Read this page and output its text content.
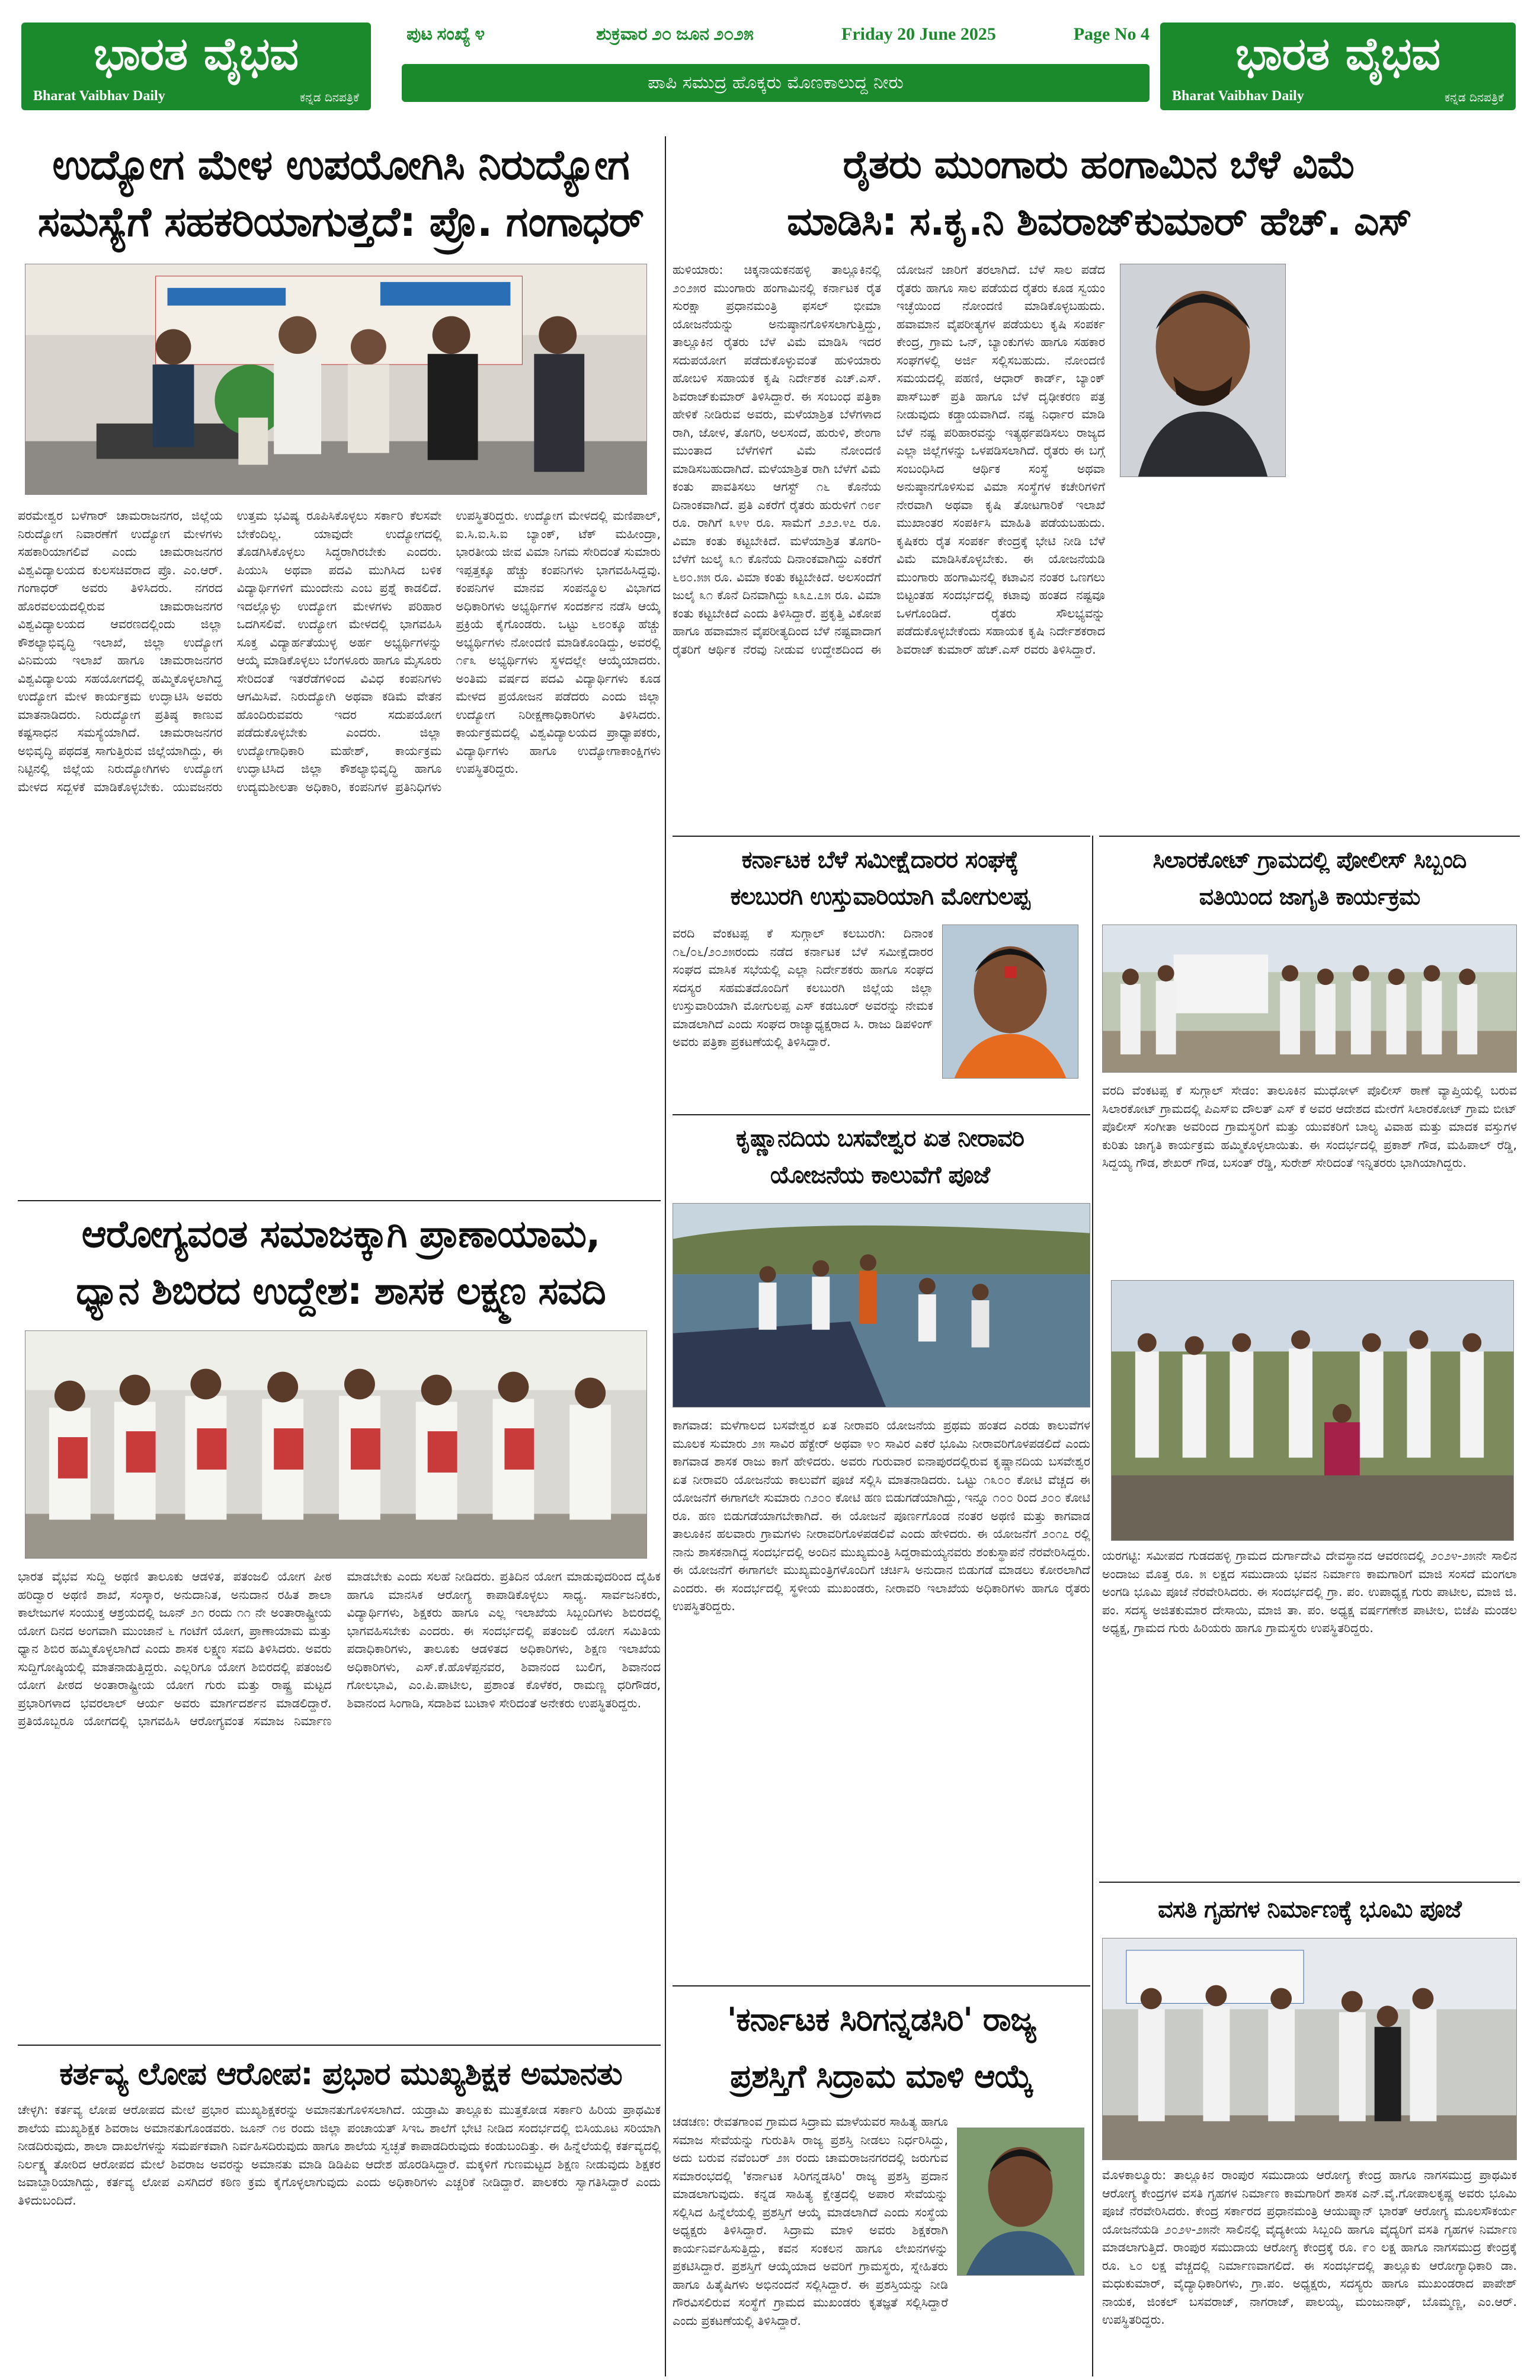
ಭಾರತ ವೈಭವ
Bharat Vaibhav Daily	ಕನ್ನಡ ದಿನಪತ್ರಿಕೆ
ಭಾರತ ವೈಭವ
Bharat Vaibhav Daily	ಕನ್ನಡ ದಿನಪತ್ರಿಕೆ
ಪುಟ ಸಂಖ್ಯೆ ೪	ಶುಕ್ರವಾರ ೨೦ ಜೂನ ೨೦೨೫	Friday 20 June 2025	Page No 4
ಪಾಪಿ ಸಮುದ್ರ ಹೊಕ್ಕರು ಮೊಣಕಾಲುದ್ದ ನೀರು
ಉದ್ಯೋಗ ಮೇಳ ಉಪಯೋಗಿಸಿ ನಿರುದ್ಯೋಗ
ಸಮಸ್ಯೆಗೆ ಸಹಕರಿಯಾಗುತ್ತದೆ: ಪ್ರೊ. ಗಂಗಾಧರ್
ಪರಮೇಶ್ವರ ಬಳೆಗಾರ್ ಚಾಮರಾಜನಗರ, ಜಿಲ್ಲೆಯ ನಿರುದ್ಯೋಗ ನಿವಾರಣೆಗೆ ಉದ್ಯೋಗ ಮೇಳಗಳು ಸಹಕಾರಿಯಾಗಲಿವೆ ಎಂದು ಚಾಮರಾಜನಗರ ವಿಶ್ವವಿದ್ಯಾಲಯದ ಕುಲಸಚಿವರಾದ ಪ್ರೊ. ಎಂ.ಆರ್. ಗಂಗಾಧರ್ ಅವರು ತಿಳಿಸಿದರು. ನಗರದ ಹೊರವಲಯದಲ್ಲಿರುವ ಚಾಮರಾಜನಗರ ವಿಶ್ವವಿದ್ಯಾಲಯದ ಆವರಣದಲ್ಲಿಂದು ಜಿಲ್ಲಾ ಕೌಶಲ್ಯಾಭಿವೃದ್ಧಿ ಇಲಾಖೆ, ಜಿಲ್ಲಾ ಉದ್ಯೋಗ ವಿನಿಮಯ ಇಲಾಖೆ ಹಾಗೂ ಚಾಮರಾಜನಗರ ವಿಶ್ವವಿದ್ಯಾಲಯ ಸಹಯೋಗದಲ್ಲಿ ಹಮ್ಮಿಕೊಳ್ಳಲಾಗಿದ್ದ ಉದ್ಯೋಗ ಮೇಳ ಕಾರ್ಯಕ್ರಮ ಉದ್ಘಾಟಿಸಿ ಅವರು ಮಾತನಾಡಿದರು. ನಿರುದ್ಯೋಗ ಪ್ರತಿಷ್ಠ ಕಾಣುವ ಕಷ್ಟಸಾಧನ ಸಮಸ್ಯೆಯಾಗಿದೆ. ಚಾಮರಾಜನಗರ ಅಭಿವೃದ್ಧಿ ಪಥದತ್ತ ಸಾಗುತ್ತಿರುವ ಜಿಲ್ಲೆಯಾಗಿದ್ದು, ಈ ನಿಟ್ಟಿನಲ್ಲಿ ಜಿಲ್ಲೆಯ ನಿರುದ್ಯೋಗಿಗಳು ಉದ್ಯೋಗ ಮೇಳದ ಸದ್ಬಳಕೆ ಮಾಡಿಕೊಳ್ಳಬೇಕು. ಯುವಜನರು ಉತ್ತಮ ಭವಿಷ್ಯ ರೂಪಿಸಿಕೊಳ್ಳಲು ಸರ್ಕಾರಿ ಕೆಲಸವೇ ಬೇಕೆಂದಿಲ್ಲ. ಯಾವುದೇ ಉದ್ಯೋಗದಲ್ಲಿ ತೊಡಗಿಸಿಕೊಳ್ಳಲು ಸಿದ್ಧರಾಗಿರಬೇಕು ಎಂದರು. ಪಿಯುಸಿ ಅಥವಾ ಪದವಿ ಮುಗಿಸಿದ ಬಳಿಕ ವಿದ್ಯಾರ್ಥಿಗಳಿಗೆ ಮುಂದೇನು ಎಂಬ ಪ್ರಶ್ನೆ ಕಾಡಲಿದೆ. ಇದಲ್ಲೊಳ್ಳು ಉದ್ಯೋಗ ಮೇಳಗಳು ಪರಿಹಾರ ಒದಗಿಸಲಿವೆ. ಉದ್ಯೋಗ ಮೇಳದಲ್ಲಿ ಭಾಗವಹಿಸಿ ಸೂಕ್ತ ವಿದ್ಯಾರ್ಹತೆಯುಳ್ಳ ಅರ್ಹ ಅಭ್ಯರ್ಥಿಗಳನ್ನು ಆಯ್ಕೆ ಮಾಡಿಕೊಳ್ಳಲು ಬೆಂಗಳೂರು ಹಾಗೂ ಮೈಸೂರು ಸೇರಿದಂತೆ ಇತರೆಡೆಗಳಿಂದ ವಿವಿಧ ಕಂಪನಿಗಳು ಆಗಮಿಸಿವೆ. ನಿರುದ್ಯೋಗಿ ಅಥವಾ ಕಡಿಮೆ ವೇತನ ಹೊಂದಿರುವವರು ಇದರ ಸದುಪಯೋಗ ಪಡೆದುಕೊಳ್ಳಬೇಕು ಎಂದರು. ಜಿಲ್ಲಾ ಉದ್ಯೋಗಾಧಿಕಾರಿ ಮಹೇಶ್, ಕಾರ್ಯಕ್ರಮ ಉದ್ಘಾಟಿಸಿದ ಜಿಲ್ಲಾ ಕೌಶಲ್ಯಾಭಿವೃದ್ಧಿ ಹಾಗೂ ಉದ್ಯಮಶೀಲತಾ ಅಧಿಕಾರಿ, ಕಂಪನಿಗಳ ಪ್ರತಿನಿಧಿಗಳು ಉಪಸ್ಥಿತರಿದ್ದರು. ಉದ್ಯೋಗ ಮೇಳದಲ್ಲಿ ಮಣಿಪಾಲ್, ಐ.ಸಿ.ಐ.ಸಿ.ಐ ಬ್ಯಾಂಕ್, ಟೆಕ್ ಮಹೀಂದ್ರಾ, ಭಾರತೀಯ ಜೀವ ವಿಮಾ ನಿಗಮ ಸೇರಿದಂತೆ ಸುಮಾರು ಇಪ್ಪತ್ತಕ್ಕೂ ಹೆಚ್ಚು ಕಂಪನಿಗಳು ಭಾಗವಹಿಸಿದ್ದವು. ಕಂಪನಿಗಳ ಮಾನವ ಸಂಪನ್ಮೂಲ ವಿಭಾಗದ ಅಧಿಕಾರಿಗಳು ಅಭ್ಯರ್ಥಿಗಳ ಸಂದರ್ಶನ ನಡೆಸಿ ಆಯ್ಕೆ ಪ್ರಕ್ರಿಯೆ ಕೈಗೊಂಡರು. ಒಟ್ಟು ೬೮೦ಕ್ಕೂ ಹೆಚ್ಚು ಅಭ್ಯರ್ಥಿಗಳು ನೋಂದಣಿ ಮಾಡಿಕೊಂಡಿದ್ದು, ಅವರಲ್ಲಿ ೧೯೩ ಅಭ್ಯರ್ಥಿಗಳು ಸ್ಥಳದಲ್ಲೇ ಆಯ್ಕೆಯಾದರು. ಅಂತಿಮ ವರ್ಷದ ಪದವಿ ವಿದ್ಯಾರ್ಥಿಗಳು ಕೂಡ ಮೇಳದ ಪ್ರಯೋಜನ ಪಡೆದರು ಎಂದು ಜಿಲ್ಲಾ ಉದ್ಯೋಗ ನಿರೀಕ್ಷಣಾಧಿಕಾರಿಗಳು ತಿಳಿಸಿದರು. ಕಾರ್ಯಕ್ರಮದಲ್ಲಿ ವಿಶ್ವವಿದ್ಯಾಲಯದ ಪ್ರಾಧ್ಯಾಪಕರು, ವಿದ್ಯಾರ್ಥಿಗಳು ಹಾಗೂ ಉದ್ಯೋಗಾಕಾಂಕ್ಷಿಗಳು ಉಪಸ್ಥಿತರಿದ್ದರು.
ರೈತರು ಮುಂಗಾರು ಹಂಗಾಮಿನ ಬೆಳೆ ವಿಮೆ
ಮಾಡಿಸಿ: ಸ.ಕೃ.ನಿ ಶಿವರಾಜ್‌ಕುಮಾರ್ ಹೆಚ್. ಎಸ್
ಹುಳಿಯಾರು: ಚಿಕ್ಕನಾಯಕನಹಳ್ಳಿ ತಾಲ್ಲೂಕಿನಲ್ಲಿ ೨೦೨೫ರ ಮುಂಗಾರು ಹಂಗಾಮಿನಲ್ಲಿ ಕರ್ನಾಟಕ ರೈತ ಸುರಕ್ಷಾ ಪ್ರಧಾನಮಂತ್ರಿ ಫಸಲ್ ಭೀಮಾ ಯೋಜನೆಯನ್ನು ಅನುಷ್ಠಾನಗೊಳಿಸಲಾಗುತ್ತಿದ್ದು, ತಾಲ್ಲೂಕಿನ ರೈತರು ಬೆಳೆ ವಿಮೆ ಮಾಡಿಸಿ ಇದರ ಸದುಪಯೋಗ ಪಡೆದುಕೊಳ್ಳುವಂತೆ ಹುಳಿಯಾರು ಹೋಬಳಿ ಸಹಾಯಕ ಕೃಷಿ ನಿರ್ದೇಶಕ ಎಚ್.ಎಸ್. ಶಿವರಾಜ್‌ಕುಮಾರ್ ತಿಳಿಸಿದ್ದಾರೆ. ಈ ಸಂಬಂಧ ಪತ್ರಿಕಾ ಹೇಳಿಕೆ ನೀಡಿರುವ ಅವರು, ಮಳೆಯಾಶ್ರಿತ ಬೆಳೆಗಳಾದ ರಾಗಿ, ಜೋಳ, ತೊಗರಿ, ಅಲಸಂದೆ, ಹುರುಳಿ, ಶೇಂಗಾ ಮುಂತಾದ ಬೆಳೆಗಳಿಗೆ ವಿಮೆ ನೋಂದಣಿ ಮಾಡಿಸಬಹುದಾಗಿದೆ. ಮಳೆಯಾಶ್ರಿತ ರಾಗಿ ಬೆಳೆಗೆ ವಿಮೆ ಕಂತು ಪಾವತಿಸಲು ಆಗಸ್ಟ್ ೧೬ ಕೊನೆಯ ದಿನಾಂಕವಾಗಿದೆ. ಪ್ರತಿ ಎಕರೆಗೆ ರೈತರು ಹುರುಳಿಗೆ ೧೮೯ ರೂ. ರಾಗಿಗೆ ೩೪೪ ರೂ. ಸಾಮೆಗೆ ೨೨೨.೪೭ ರೂ. ವಿಮಾ ಕಂತು ಕಟ್ಟಬೇಕಿದೆ. ಮಳೆಯಾಶ್ರಿತ ತೊಗರಿ-ಬೆಳೆಗೆ ಜುಲೈ ೩೧ ಕೊನೆಯ ದಿನಾಂಕವಾಗಿದ್ದು ಎಕರೆಗೆ ೬೮೦.೫೫ ರೂ. ವಿಮಾ ಕಂತು ಕಟ್ಟಬೇಕಿದೆ. ಅಲಸಂದೆಗೆ ಜುಲೈ ೩೧ ಕೊನೆ ದಿನವಾಗಿದ್ದು ೩೩೭.೭೫ ರೂ. ವಿಮಾ ಕಂತು ಕಟ್ಟಬೇಕಿದೆ ಎಂದು ತಿಳಿಸಿದ್ದಾರೆ. ಪ್ರಕೃತ್ತಿ ವಿಕೋಪ ಹಾಗೂ ಹವಾಮಾನ ವೈಪರೀತ್ಯದಿಂದ ಬೆಳೆ ನಷ್ಟವಾದಾಗ ರೈತರಿಗೆ ಆರ್ಥಿಕ ನೆರವು ನೀಡುವ ಉದ್ದೇಶದಿಂದ ಈ ಯೋಜನೆ ಜಾರಿಗೆ ತರಲಾಗಿದೆ. ಬೆಳೆ ಸಾಲ ಪಡೆದ ರೈತರು ಹಾಗೂ ಸಾಲ ಪಡೆಯದ ರೈತರು ಕೂಡ ಸ್ವಯಂ ಇಚ್ಛೆಯಿಂದ ನೋಂದಣಿ ಮಾಡಿಕೊಳ್ಳಬಹುದು. ಹವಾಮಾನ ವೈಪರೀತ್ಯಗಳ ಪಡೆಯಲು ಕೃಷಿ ಸಂಪರ್ಕ ಕೇಂದ್ರ, ಗ್ರಾಮ ಒನ್, ಬ್ಯಾಂಕುಗಳು ಹಾಗೂ ಸಹಕಾರ ಸಂಘಗಳಲ್ಲಿ ಅರ್ಜಿ ಸಲ್ಲಿಸಬಹುದು. ನೋಂದಣಿ ಸಮಯದಲ್ಲಿ ಪಹಣಿ, ಆಧಾರ್ ಕಾರ್ಡ್, ಬ್ಯಾಂಕ್ ಪಾಸ್‌ಬುಕ್ ಪ್ರತಿ ಹಾಗೂ ಬೆಳೆ ದೃಢೀಕರಣ ಪತ್ರ ನೀಡುವುದು ಕಡ್ಡಾಯವಾಗಿದೆ. ನಷ್ಟ ನಿರ್ಧಾರ ಮಾಡಿ ಬೆಳೆ ನಷ್ಟ ಪರಿಹಾರವನ್ನು ಇತ್ಯರ್ಥಪಡಿಸಲು ರಾಜ್ಯದ ಎಲ್ಲಾ ಜಿಲ್ಲೆಗಳನ್ನು ಒಳಪಡಿಸಲಾಗಿದೆ. ರೈತರು ಈ ಬಗ್ಗೆ ಸಂಬಂಧಿಸಿದ ಆರ್ಥಿಕ ಸಂಸ್ಥೆ ಅಥವಾ ಅನುಷ್ಠಾನಗೊಳಿಸುವ ವಿಮಾ ಸಂಸ್ಥೆಗಳ ಕಚೇರಿಗಳಿಗೆ ನೇರವಾಗಿ ಅಥವಾ ಕೃಷಿ ತೋಟಗಾರಿಕೆ ಇಲಾಖೆ ಮುಖಾಂತರ ಸಂಪರ್ಕಿಸಿ ಮಾಹಿತಿ ಪಡೆಯಬಹುದು. ಕೃಷಿಕರು ರೈತ ಸಂಪರ್ಕ ಕೇಂದ್ರಕ್ಕೆ ಭೇಟಿ ನೀಡಿ ಬೆಳೆ ವಿಮೆ ಮಾಡಿಸಿಕೊಳ್ಳಬೇಕು. ಈ ಯೋಜನೆಯಡಿ ಮುಂಗಾರು ಹಂಗಾಮಿನಲ್ಲಿ ಕಟಾವಿನ ನಂತರ ಒಣಗಲು ಬಿಟ್ಟಂತಹ ಸಂದರ್ಭದಲ್ಲಿ ಕಟಾವು ಹಂತದ ನಷ್ಟವೂ ಒಳಗೊಂಡಿದೆ. ರೈತರು ಸೌಲಭ್ಯವನ್ನು ಪಡೆದುಕೊಳ್ಳಬೇಕೆಂದು ಸಹಾಯಕ ಕೃಷಿ ನಿರ್ದೇಶಕರಾದ ಶಿವರಾಜ್ ಕುಮಾರ್ ಹೆಚ್.ಎಸ್ ರವರು ತಿಳಿಸಿದ್ದಾರೆ.
ಕರ್ನಾಟಕ ಬೆಳೆ ಸಮೀಕ್ಷೆದಾರರ ಸಂಘಕ್ಕೆ
ಕಲಬುರಗಿ ಉಸ್ತುವಾರಿಯಾಗಿ ಮೋಗುಲಪ್ಪ
ವರದಿ ವೆಂಕಟಪ್ಪ ಕೆ ಸುಗ್ಗಾಲ್ ಕಲಬುರಗಿ: ದಿನಾಂಕ ೧೬/೦೬/೨೦೨೫ರಂದು ನಡೆದ ಕರ್ನಾಟಕ ಬೆಳೆ ಸಮೀಕ್ಷೆದಾರರ ಸಂಘದ ಮಾಸಿಕ ಸಭೆಯಲ್ಲಿ ಎಲ್ಲಾ ನಿರ್ದೇಶಕರು ಹಾಗೂ ಸಂಘದ ಸದಸ್ಯರ ಸಹಮತದೊಂದಿಗೆ ಕಲಬುರಗಿ ಜಿಲ್ಲೆಯ ಜಿಲ್ಲಾ ಉಸ್ತುವಾರಿಯಾಗಿ ಮೋಗುಲಪ್ಪ ಎಸ್ ಕಡಬೂರ್ ಅವರನ್ನು ನೇಮಕ ಮಾಡಲಾಗಿದೆ ಎಂದು ಸಂಘದ ರಾಜ್ಯಾಧ್ಯಕ್ಷರಾದ ಸಿ. ರಾಜು ಡಿಪಳಿಂಗ್ ಅವರು ಪತ್ರಿಕಾ ಪ್ರಕಟಣೆಯಲ್ಲಿ ತಿಳಿಸಿದ್ದಾರೆ.
ಕೃಷ್ಣಾನದಿಯ ಬಸವೇಶ್ವರ ಏತ ನೀರಾವರಿ
ಯೋಜನೆಯ ಕಾಲುವೆಗೆ ಪೂಜೆ
ಕಾಗವಾಡ: ಮಳೆಗಾಲದ ಬಸವೇಶ್ವರ ಏತ ನೀರಾವರಿ ಯೋಜನೆಯ ಪ್ರಥಮ ಹಂತದ ಎರಡು ಕಾಲುವೆಗಳ ಮೂಲಕ ಸುಮಾರು ೨೫ ಸಾವಿರ ಹೆಕ್ಟೇರ್ ಅಥವಾ ೪೦ ಸಾವಿರ ಎಕರೆ ಭೂಮಿ ನೀರಾವರಿಗೊಳಪಡಲಿದೆ ಎಂದು ಕಾಗವಾಡ ಶಾಸಕ ರಾಜು ಕಾಗೆ ಹೇಳಿದರು. ಅವರು ಗುರುವಾರ ಐನಾಪುರದಲ್ಲಿರುವ ಕೃಷ್ಣಾನದಿಯ ಬಸವೇಶ್ವರ ಏತ ನೀರಾವರಿ ಯೋಜನೆಯ ಕಾಲುವೆಗೆ ಪೂಜೆ ಸಲ್ಲಿಸಿ ಮಾತನಾಡಿದರು. ಒಟ್ಟು ೧೩೦೦ ಕೋಟಿ ವೆಚ್ಚದ ಈ ಯೋಜನೆಗೆ ಈಗಾಗಲೇ ಸುಮಾರು ೧೨೦೦ ಕೋಟಿ ಹಣ ಬಿಡುಗಡೆಯಾಗಿದ್ದು, ಇನ್ನೂ ೧೦೦ ರಿಂದ ೨೦೦ ಕೋಟಿ ರೂ. ಹಣ ಬಿಡುಗಡೆಯಾಗಬೇಕಾಗಿದೆ. ಈ ಯೋಜನೆ ಪೂರ್ಣಗೊಂಡ ನಂತರ ಅಥಣಿ ಮತ್ತು ಕಾಗವಾಡ ತಾಲೂಕಿನ ಹಲವಾರು ಗ್ರಾಮಗಳು ನೀರಾವರಿಗೊಳಪಡಲಿವೆ ಎಂದು ಹೇಳಿದರು. ಈ ಯೋಜನೆಗೆ ೨೦೧೭ ರಲ್ಲಿ ನಾನು ಶಾಸಕನಾಗಿದ್ದ ಸಂದರ್ಭದಲ್ಲಿ ಅಂದಿನ ಮುಖ್ಯಮಂತ್ರಿ ಸಿದ್ದರಾಮಯ್ಯನವರು ಶಂಕುಸ್ಥಾಪನೆ ನೆರವೇರಿಸಿದ್ದರು. ಈ ಯೋಜನೆಗೆ ಈಗಾಗಲೇ ಮುಖ್ಯಮಂತ್ರಿಗಳೊಂದಿಗೆ ಚರ್ಚಿಸಿ ಅನುದಾನ ಬಿಡುಗಡೆ ಮಾಡಲು ಕೋರಲಾಗಿದೆ ಎಂದರು. ಈ ಸಂದರ್ಭದಲ್ಲಿ ಸ್ಥಳೀಯ ಮುಖಂಡರು, ನೀರಾವರಿ ಇಲಾಖೆಯ ಅಧಿಕಾರಿಗಳು ಹಾಗೂ ರೈತರು ಉಪಸ್ಥಿತರಿದ್ದರು.
ಸಿಲಾರಕೋಟ್ ಗ್ರಾಮದಲ್ಲಿ ಪೋಲೀಸ್ ಸಿಬ್ಬಂದಿ
ವತಿಯಿಂದ ಜಾಗೃತಿ ಕಾರ್ಯಕ್ರಮ
ವರದಿ ವೆಂಕಟಪ್ಪ ಕೆ ಸುಗ್ಗಾಲ್ ಸೇಡಂ: ತಾಲೂಕಿನ ಮುಧೋಳ್ ಪೊಲೀಸ್ ಠಾಣೆ ವ್ಯಾಪ್ತಿಯಲ್ಲಿ ಬರುವ ಸಿಲಾರಕೋಟ್ ಗ್ರಾಮದಲ್ಲಿ ಪಿಎಸ್‌ಐ ದೌಲತ್ ಎಸ್ ಕೆ ಅವರ ಆದೇಶದ ಮೇರೆಗೆ ಸಿಲಾರಕೋಟ್ ಗ್ರಾಮ ಬೀಟ್ ಪೊಲೀಸ್ ಸಂಗೀತಾ ಅವರಿಂದ ಗ್ರಾಮಸ್ಥರಿಗೆ ಮತ್ತು ಯುವಕರಿಗೆ ಬಾಲ್ಯ ವಿವಾಹ ಮತ್ತು ಮಾದಕ ವಸ್ತುಗಳ ಕುರಿತು ಜಾಗೃತಿ ಕಾರ್ಯಕ್ರಮ ಹಮ್ಮಿಕೊಳ್ಳಲಾಯಿತು. ಈ ಸಂದರ್ಭದಲ್ಲಿ ಪ್ರಕಾಶ್ ಗೌಡ, ಮಹಿಪಾಲ್ ರೆಡ್ಡಿ, ಸಿದ್ದಯ್ಯ ಗೌಡ, ಶೇಖರ್ ಗೌಡ, ಬಸಂತ್ ರೆಡ್ಡಿ, ಸುರೇಶ್ ಸೇರಿದಂತೆ ಇನ್ನಿತರರು ಭಾಗಿಯಾಗಿದ್ದರು.
ಯರಗಟ್ಟಿ: ಸಮೀಪದ ಗುಡದಹಳ್ಳಿ ಗ್ರಾಮದ ದುರ್ಗಾದೇವಿ ದೇವಸ್ಥಾನದ ಆವರಣದಲ್ಲಿ ೨೦೨೪-೨೫ನೇ ಸಾಲಿನ ಅಂದಾಜು ಮೊತ್ತ ರೂ. ೫ ಲಕ್ಷದ ಸಮುದಾಯ ಭವನ ನಿರ್ಮಾಣ ಕಾಮಗಾರಿಗೆ ಮಾಜಿ ಸಂಸದೆ ಮಂಗಲಾ ಅಂಗಡಿ ಭೂಮಿ ಪೂಜೆ ನೆರವೇರಿಸಿದರು. ಈ ಸಂದರ್ಭದಲ್ಲಿ ಗ್ರಾ. ಪಂ. ಉಪಾಧ್ಯಕ್ಷ ಗುರು ಪಾಟೀಲ, ಮಾಜಿ ಜಿ. ಪಂ. ಸದಸ್ಯ ಅಜಿತಕುಮಾರ ದೇಸಾಯಿ, ಮಾಜಿ ತಾ. ಪಂ. ಅಧ್ಯಕ್ಷ ವರ್ಷಗಣೇಶ ಪಾಟೀಲ, ಬಿಜೆಪಿ ಮಂಡಲ ಅಧ್ಯಕ್ಷ, ಗ್ರಾಮದ ಗುರು ಹಿರಿಯರು ಹಾಗೂ ಗ್ರಾಮಸ್ಥರು ಉಪಸ್ಥಿತರಿದ್ದರು.
ವಸತಿ ಗೃಹಗಳ ನಿರ್ಮಾಣಕ್ಕೆ ಭೂಮಿ ಪೂಜೆ
ಮೊಳಕಾಲ್ಮೂರು: ತಾಲ್ಲೂಕಿನ ರಾಂಪುರ ಸಮುದಾಯ ಆರೋಗ್ಯ ಕೇಂದ್ರ ಹಾಗೂ ನಾಗಸಮುದ್ರ ಪ್ರಾಥಮಿಕ ಆರೋಗ್ಯ ಕೇಂದ್ರಗಳ ವಸತಿ ಗೃಹಗಳ ನಿರ್ಮಾಣ ಕಾಮಗಾರಿಗೆ ಶಾಸಕ ಎನ್.ವೈ.ಗೋಪಾಲಕೃಷ್ಣ ಅವರು ಭೂಮಿ ಪೂಜೆ ನೆರವೇರಿಸಿದರು. ಕೇಂದ್ರ ಸರ್ಕಾರದ ಪ್ರಧಾನಮಂತ್ರಿ ಆಯುಷ್ಮಾನ್ ಭಾರತ್ ಆರೋಗ್ಯ ಮೂಲಸೌಕರ್ಯ ಯೋಜನೆಯಡಿ ೨೦೨೪-೨೫ನೇ ಸಾಲಿನಲ್ಲಿ ವೈದ್ಯಕೀಯ ಸಿಬ್ಬಂದಿ ಹಾಗೂ ವೈದ್ಯರಿಗೆ ವಸತಿ ಗೃಹಗಳ ನಿರ್ಮಾಣ ಮಾಡಲಾಗುತ್ತಿದೆ. ರಾಂಪುರ ಸಮುದಾಯ ಆರೋಗ್ಯ ಕೇಂದ್ರಕ್ಕೆ ರೂ. ೯೦ ಲಕ್ಷ ಹಾಗೂ ನಾಗಸಮುದ್ರ ಕೇಂದ್ರಕ್ಕೆ ರೂ. ೬೦ ಲಕ್ಷ ವೆಚ್ಚದಲ್ಲಿ ನಿರ್ಮಾಣವಾಗಲಿದೆ. ಈ ಸಂದರ್ಭದಲ್ಲಿ ತಾಲ್ಲೂಕು ಆರೋಗ್ಯಾಧಿಕಾರಿ ಡಾ. ಮಧುಕುಮಾರ್, ವೈದ್ಯಾಧಿಕಾರಿಗಳು, ಗ್ರಾ.ಪಂ. ಅಧ್ಯಕ್ಷರು, ಸದಸ್ಯರು ಹಾಗೂ ಮುಖಂಡರಾದ ಪಾಪೇಶ್ ನಾಯಕ, ಜಿಂಕಲ್ ಬಸವರಾಜ್, ನಾಗರಾಜ್, ಪಾಲಯ್ಯ, ಮಂಜುನಾಥ್, ಬೊಮ್ಮಣ್ಣ, ಎಂ.ಆರ್. ಉಪಸ್ಥಿತರಿದ್ದರು.
ಆರೋಗ್ಯವಂತ ಸಮಾಜಕ್ಕಾಗಿ ಪ್ರಾಣಾಯಾಮ,
ಧ್ಯಾನ ಶಿಬಿರದ ಉದ್ದೇಶ: ಶಾಸಕ ಲಕ್ಷ್ಮಣ ಸವದಿ
ಭಾರತ ವೈಭವ ಸುದ್ದಿ ಅಥಣಿ ತಾಲೂಕು ಆಡಳಿತ, ಪತಂಜಲಿ ಯೋಗ ಪೀಠ ಹರಿದ್ವಾರ ಅಥಣಿ ಶಾಖೆ, ಸಂಸ್ಕಾರ, ಅನುದಾನಿತ, ಅನುದಾನ ರಹಿತ ಶಾಲಾ ಕಾಲೇಜುಗಳ ಸಂಯುಕ್ತ ಆಶ್ರಯದಲ್ಲಿ ಜೂನ್ ೨೧ ರಂದು ೧೧ ನೇ ಅಂತಾರಾಷ್ಟ್ರೀಯ ಯೋಗ ದಿನದ ಅಂಗವಾಗಿ ಮುಂಜಾನೆ ೬ ಗಂಟೆಗೆ ಯೋಗ, ಪ್ರಾಣಾಯಾಮ ಮತ್ತು ಧ್ಯಾನ ಶಿಬಿರ ಹಮ್ಮಿಕೊಳ್ಳಲಾಗಿದೆ ಎಂದು ಶಾಸಕ ಲಕ್ಷ್ಮಣ ಸವದಿ ತಿಳಿಸಿದರು. ಅವರು ಸುದ್ದಿಗೋಷ್ಠಿಯಲ್ಲಿ ಮಾತನಾಡುತ್ತಿದ್ದರು. ಎಲ್ಲರಿಗೂ ಯೋಗ ಶಿಬಿರದಲ್ಲಿ ಪತಂಜಲಿ ಯೋಗ ಪೀಠದ ಅಂತಾರಾಷ್ಟ್ರೀಯ ಯೋಗ ಗುರು ಮತ್ತು ರಾಷ್ಟ್ರ ಮಟ್ಟದ ಪ್ರಭಾರಿಗಳಾದ ಭವರಲಾಲ್ ಆರ್ಯ ಅವರು ಮಾರ್ಗದರ್ಶನ ಮಾಡಲಿದ್ದಾರೆ. ಪ್ರತಿಯೊಬ್ಬರೂ ಯೋಗದಲ್ಲಿ ಭಾಗವಹಿಸಿ ಆರೋಗ್ಯವಂತ ಸಮಾಜ ನಿರ್ಮಾಣ ಮಾಡಬೇಕು ಎಂದು ಸಲಹೆ ನೀಡಿದರು. ಪ್ರತಿದಿನ ಯೋಗ ಮಾಡುವುದರಿಂದ ದೈಹಿಕ ಹಾಗೂ ಮಾನಸಿಕ ಆರೋಗ್ಯ ಕಾಪಾಡಿಕೊಳ್ಳಲು ಸಾಧ್ಯ. ಸಾರ್ವಜನಿಕರು, ವಿದ್ಯಾರ್ಥಿಗಳು, ಶಿಕ್ಷಕರು ಹಾಗೂ ಎಲ್ಲ ಇಲಾಖೆಯ ಸಿಬ್ಬಂದಿಗಳು ಶಿಬಿರದಲ್ಲಿ ಭಾಗವಹಿಸಬೇಕು ಎಂದರು. ಈ ಸಂದರ್ಭದಲ್ಲಿ ಪತಂಜಲಿ ಯೋಗ ಸಮಿತಿಯ ಪದಾಧಿಕಾರಿಗಳು, ತಾಲೂಕು ಆಡಳಿತದ ಅಧಿಕಾರಿಗಳು, ಶಿಕ್ಷಣ ಇಲಾಖೆಯ ಅಧಿಕಾರಿಗಳು, ಎಸ್.ಕೆ.ಹೊಳೆಪ್ಪನವರ, ಶಿವಾನಂದ ಬುಲಿಗ, ಶಿವಾನಂದ ಗೋಲಭಾವಿ, ಎಂ.ಪಿ.ಪಾಟೀಲ, ಪ್ರಶಾಂತ ಕೊಳೆಕರ, ರಾಮಣ್ಣ ಧರಿಗೌಡರ, ಶಿವಾನಂದ ಸಿಂಗಾಡಿ, ಸದಾಶಿವ ಬುಟಾಳಿ ಸೇರಿದಂತೆ ಅನೇಕರು ಉಪಸ್ಥಿತರಿದ್ದರು.
ಕರ್ತವ್ಯ ಲೋಪ ಆರೋಪ: ಪ್ರಭಾರ ಮುಖ್ಯಶಿಕ್ಷಕ ಅಮಾನತು
ಚೇಳ್ಳಗಿ: ಕರ್ತವ್ಯ ಲೋಪ ಆರೋಪದ ಮೇಲೆ ಪ್ರಭಾರ ಮುಖ್ಯಶಿಕ್ಷಕರನ್ನು ಅಮಾನತುಗೊಳಿಸಲಾಗಿದೆ. ಯಡ್ರಾಮಿ ತಾಲ್ಲೂಕು ಮುತ್ತಕೋಡ ಸರ್ಕಾರಿ ಹಿರಿಯ ಪ್ರಾಥಮಿಕ ಶಾಲೆಯ ಮುಖ್ಯಶಿಕ್ಷಕ ಶಿವರಾಜ ಅಮಾನತುಗೊಂಡವರು. ಜೂನ್ ೧೮ ರಂದು ಜಿಲ್ಲಾ ಪಂಚಾಯತ್ ಸಿಇಒ ಶಾಲೆಗೆ ಭೇಟಿ ನೀಡಿದ ಸಂದರ್ಭದಲ್ಲಿ ಬಿಸಿಯೂಟ ಸರಿಯಾಗಿ ನೀಡದಿರುವುದು, ಶಾಲಾ ದಾಖಲೆಗಳನ್ನು ಸಮರ್ಪಕವಾಗಿ ನಿರ್ವಹಿಸದಿರುವುದು ಹಾಗೂ ಶಾಲೆಯ ಸ್ವಚ್ಛತೆ ಕಾಪಾಡದಿರುವುದು ಕಂಡುಬಂದಿತ್ತು. ಈ ಹಿನ್ನೆಲೆಯಲ್ಲಿ ಕರ್ತವ್ಯದಲ್ಲಿ ನಿರ್ಲಕ್ಷ್ಯ ತೋರಿದ ಆರೋಪದ ಮೇಲೆ ಶಿವರಾಜ ಅವರನ್ನು ಅಮಾನತು ಮಾಡಿ ಡಿಡಿಪಿಐ ಆದೇಶ ಹೊರಡಿಸಿದ್ದಾರೆ. ಮಕ್ಕಳಿಗೆ ಗುಣಮಟ್ಟದ ಶಿಕ್ಷಣ ನೀಡುವುದು ಶಿಕ್ಷಕರ ಜವಾಬ್ದಾರಿಯಾಗಿದ್ದು, ಕರ್ತವ್ಯ ಲೋಪ ಎಸಗಿದರೆ ಕಠಿಣ ಕ್ರಮ ಕೈಗೊಳ್ಳಲಾಗುವುದು ಎಂದು ಅಧಿಕಾರಿಗಳು ಎಚ್ಚರಿಕೆ ನೀಡಿದ್ದಾರೆ. ಪಾಲಕರು ಸ್ವಾಗತಿಸಿದ್ದಾರೆ ಎಂದು ತಿಳಿದುಬಂದಿದೆ.
'ಕರ್ನಾಟಕ ಸಿರಿಗನ್ನಡಸಿರಿ' ರಾಜ್ಯ
ಪ್ರಶಸ್ತಿಗೆ ಸಿದ್ರಾಮ ಮಾಳಿ ಆಯ್ಕೆ
ಚಡಚಣ: ರೇವತಗಾಂವ ಗ್ರಾಮದ ಸಿದ್ರಾಮ ಮಾಳೆಯವರ ಸಾಹಿತ್ಯ ಹಾಗೂ ಸಮಾಜ ಸೇವೆಯನ್ನು ಗುರುತಿಸಿ ರಾಜ್ಯ ಪ್ರಶಸ್ತಿ ನೀಡಲು ನಿರ್ಧರಿಸಿದ್ದು, ಅದು ಬರುವ ನವೆಂಬರ್ ೨೫ ರಂದು ಚಾಮರಾಜನಗರದಲ್ಲಿ ಜರುಗುವ ಸಮಾರಂಭದಲ್ಲಿ 'ಕರ್ನಾಟಕ ಸಿರಿಗನ್ನಡಸಿರಿ' ರಾಜ್ಯ ಪ್ರಶಸ್ತಿ ಪ್ರದಾನ ಮಾಡಲಾಗುವುದು. ಕನ್ನಡ ಸಾಹಿತ್ಯ ಕ್ಷೇತ್ರದಲ್ಲಿ ಅಪಾರ ಸೇವೆಯನ್ನು ಸಲ್ಲಿಸಿದ ಹಿನ್ನೆಲೆಯಲ್ಲಿ ಪ್ರಶಸ್ತಿಗೆ ಆಯ್ಕೆ ಮಾಡಲಾಗಿದೆ ಎಂದು ಸಂಸ್ಥೆಯ ಅಧ್ಯಕ್ಷರು ತಿಳಿಸಿದ್ದಾರೆ. ಸಿದ್ರಾಮ ಮಾಳಿ ಅವರು ಶಿಕ್ಷಕರಾಗಿ ಕಾರ್ಯನಿರ್ವಹಿಸುತ್ತಿದ್ದು, ಕವನ ಸಂಕಲನ ಹಾಗೂ ಲೇಖನಗಳನ್ನು ಪ್ರಕಟಿಸಿದ್ದಾರೆ. ಪ್ರಶಸ್ತಿಗೆ ಆಯ್ಕೆಯಾದ ಅವರಿಗೆ ಗ್ರಾಮಸ್ಥರು, ಸ್ನೇಹಿತರು ಹಾಗೂ ಹಿತೈಷಿಗಳು ಅಭಿನಂದನೆ ಸಲ್ಲಿಸಿದ್ದಾರೆ. ಈ ಪ್ರಶಸ್ತಿಯನ್ನು ನೀಡಿ ಗೌರವಿಸಲಿರುವ ಸಂಸ್ಥೆಗೆ ಗ್ರಾಮದ ಮುಖಂಡರು ಕೃತಜ್ಞತೆ ಸಲ್ಲಿಸಿದ್ದಾರೆ ಎಂದು ಪ್ರಕಟಣೆಯಲ್ಲಿ ತಿಳಿಸಿದ್ದಾರೆ.
